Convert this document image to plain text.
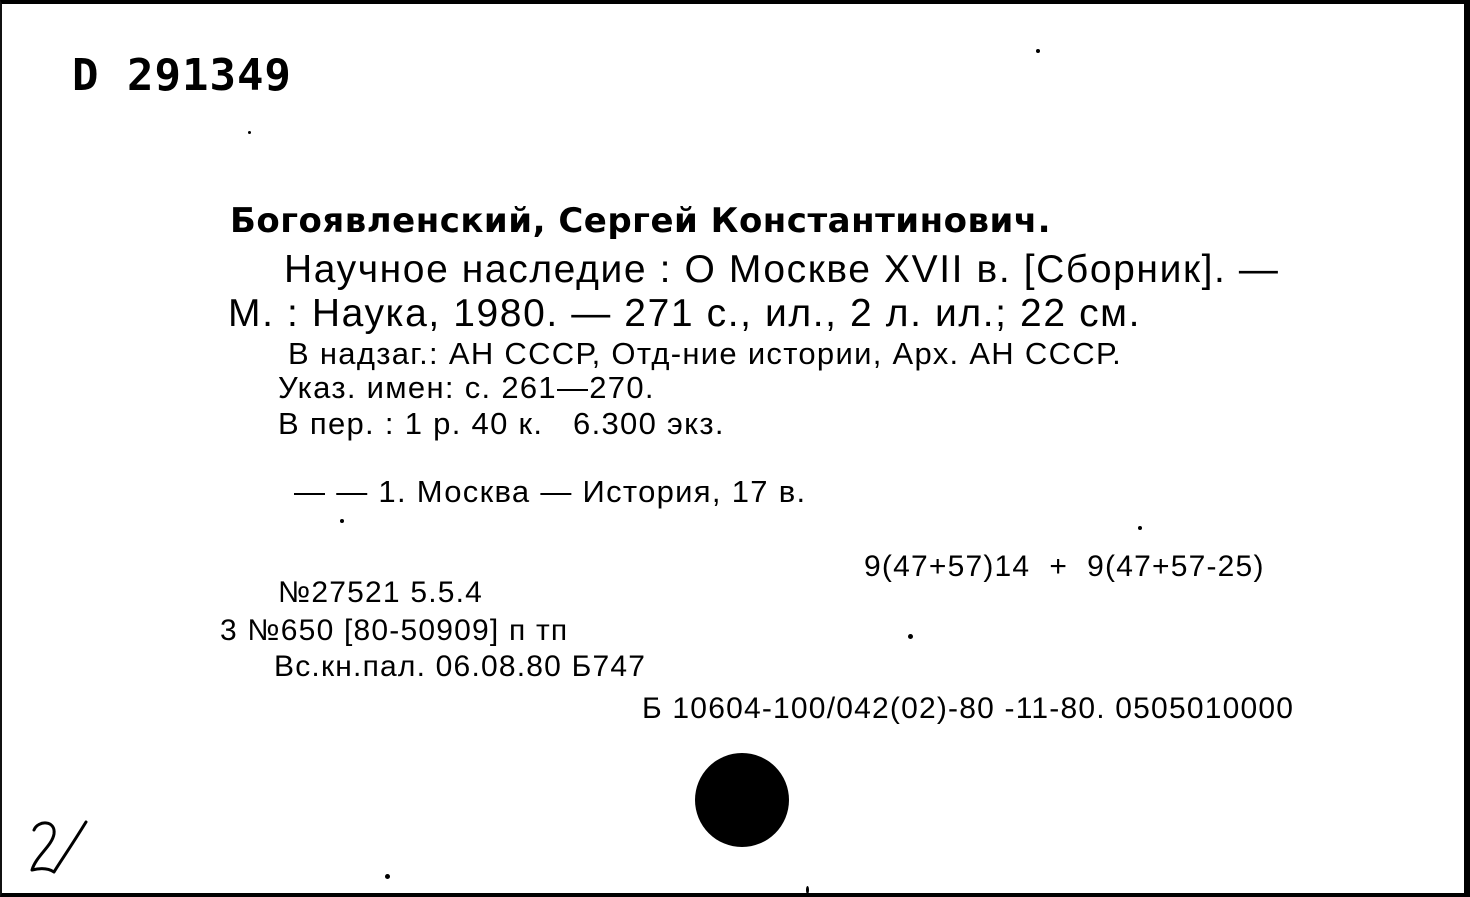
D 291349
Богоявленский, Сергей Константинович.
Научное наследие : О Москве XVII в. [Сборник]. —
М. : Наука, 1980. — 271 с., ил., 2 л. ил.; 22 см.
В надзаг.: АН СССР, Отд-ние истории, Арх. АН СССР.
Указ. имен: с. 261—270.
В пер. : 1 р. 40 к.   6.300 экз.
— — 1. Москва — История, 17 в.
9(47+57)14  +  9(47+57-25)
№27521 5.5.4
3 №650 [80-50909] п тп
Вс.кн.пал. 06.08.80 Б747
Б 10604-100/042(02)-80 -11-80. 0505010000
